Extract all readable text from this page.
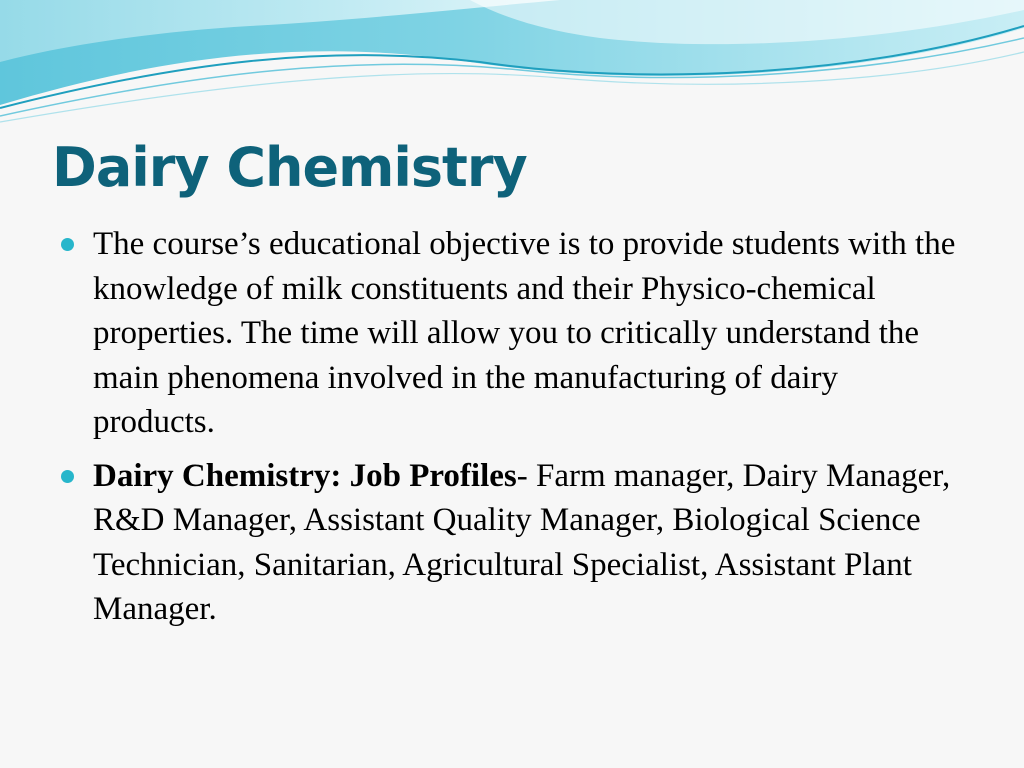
Dairy Chemistry
The course’s educational objective is to provide students with the knowledge of milk constituents and their Physico-chemical properties. The time will allow you to critically understand the main phenomena involved in the manufacturing of dairy products.
Dairy Chemistry: Job Profiles- Farm manager, Dairy Manager, R&D Manager, Assistant Quality Manager, Biological Science Technician, Sanitarian, Agricultural Specialist, Assistant Plant Manager.
